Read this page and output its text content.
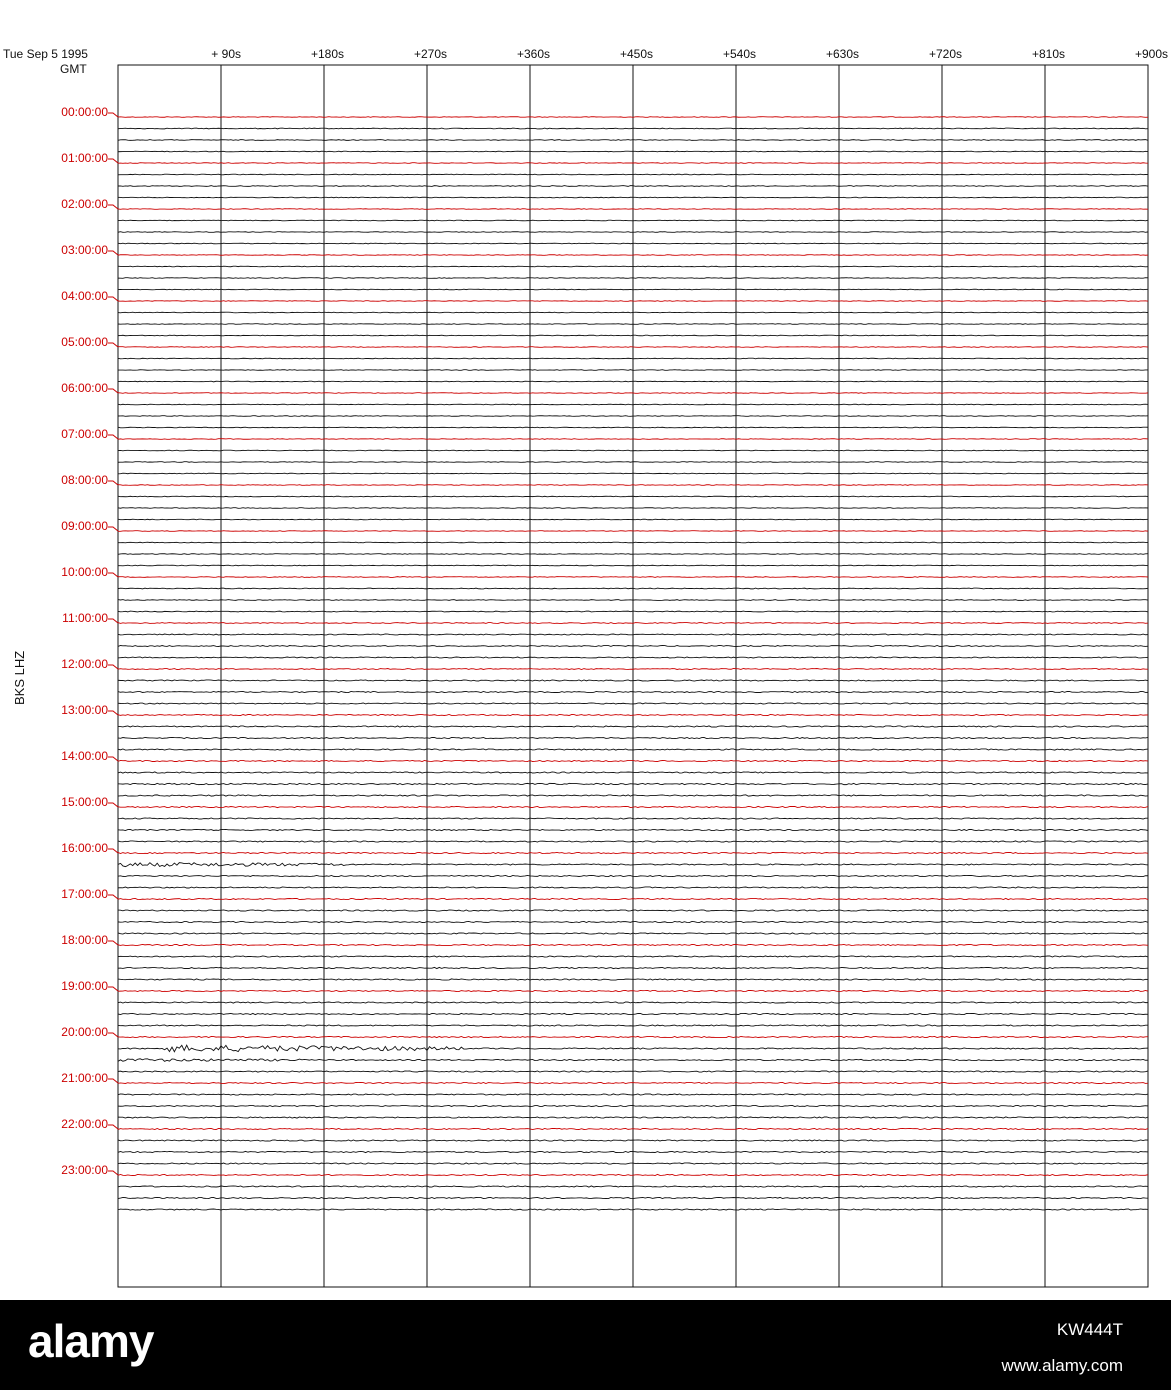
Tue Sep 5 1995
GMT
BKS LHZ
+ 90s	+180s	+270s	+360s	+450s	+540s	+630s	+720s	+810s	+900s
00:00:00
01:00:00
02:00:00
03:00:00
04:00:00
05:00:00
06:00:00
07:00:00
08:00:00
09:00:00
10:00:00
11:00:00
12:00:00
13:00:00
14:00:00
15:00:00
16:00:00
17:00:00
18:00:00
19:00:00
20:00:00
21:00:00
22:00:00
23:00:00
alamy	KW444T
www.alamy.com
